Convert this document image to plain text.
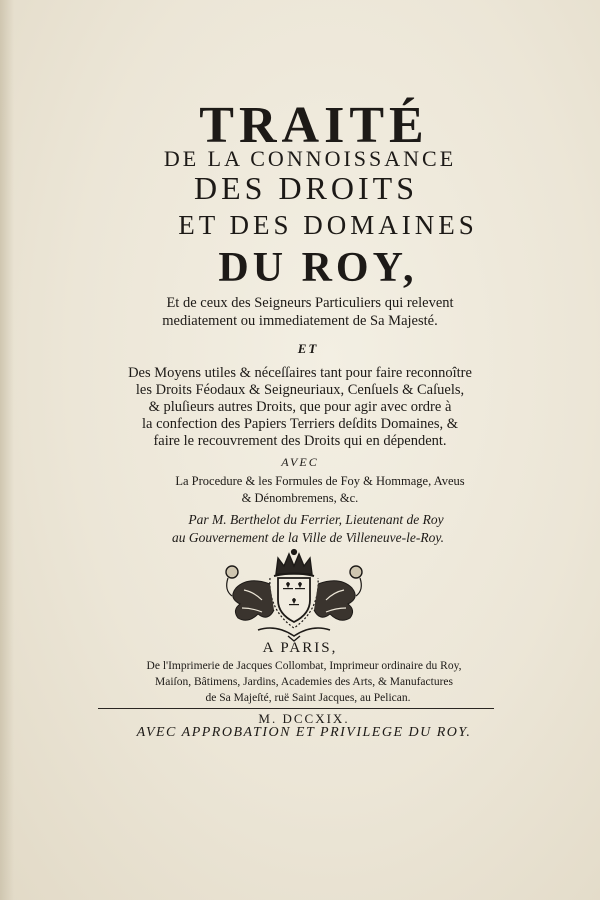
TRAITÉ
DE LA CONNOISSANCE
DES DROITS
ET DES DOMAINES
DU ROY,
Et de ceux des Seigneurs Particuliers qui relevent
mediatement ou immediatement de Sa Majesté.
ET
Des Moyens utiles & néceſſaires tant pour faire reconnoître
les Droits Féodaux & Seigneuriaux, Cenſuels & Caſuels,
& pluſieurs autres Droits, que pour agir avec ordre à
la confection des Papiers Terriers deſdits Domaines, &
faire le recouvrement des Droits qui en dépendent.
AVEC
La Procedure & les Formules de Foy & Hommage, Aveus
& Dénombremens, &c.
Par M. Berthelot du Ferrier, Lieutenant de Roy
au Gouvernement de la Ville de Villeneuve-le-Roy.
A PARIS,
De l'Imprimerie de Jacques Collombat, Imprimeur ordinaire du Roy,
Maiſon, Bâtimens, Jardins, Academies des Arts, & Manufactures
de Sa Majeſté, ruë Saint Jacques, au Pelican.
M. DCCXIX.
AVEC APPROBATION ET PRIVILEGE DU ROY.
